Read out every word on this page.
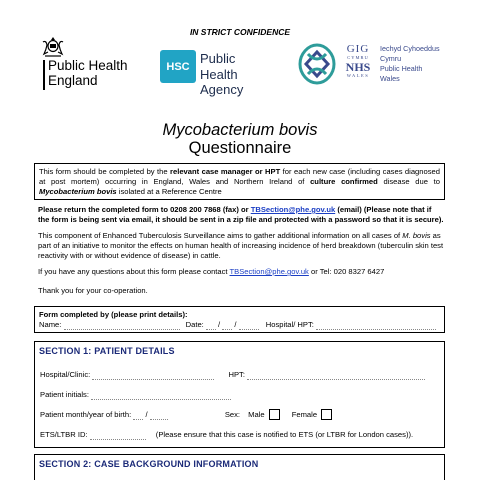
IN STRICT CONFIDENCE
Public Health
England
HSC
Public Health
Agency
GIG
CYMRU
NHS
WALES
Iechyd Cyhoeddus
Cymru
Public Health
Wales
Mycobacterium bovis
Questionnaire
This form should be completed by the relevant case manager or HPT for each new case (including cases diagnosed at post mortem) occurring in England, Wales and Northern Ireland of culture confirmed disease due to Mycobacterium bovis isolated at a Reference Centre
Please return the completed form to 0208 200 7868 (fax) or TBSection@phe.gov.uk (email) (Please note that if the form is being sent via email, it should be sent in a zip file and protected with a password so that it is secure).
This component of Enhanced Tuberculosis Surveillance aims to gather additional information on all cases of M. bovis as part of an initiative to monitor the effects on human health of increasing incidence of herd breakdown (tuberculin skin test reactivity with or without evidence of disease) in cattle.
If you have any questions about this form please contact TBSection@phe.gov.uk or Tel: 020 8327 6427
Thank you for your co-operation.
Form completed by (please print details):
Name:	Date: / /	Hospital/ HPT:
SECTION 1: PATIENT DETAILS
Hospital/Clinic:	HPT:
Patient initials:
Patient month/year of birth: /	Sex: Male	Female
ETS/LTBR ID:	(Please ensure that this case is notified to ETS (or LTBR for London cases)).
SECTION 2: CASE BACKGROUND INFORMATION
